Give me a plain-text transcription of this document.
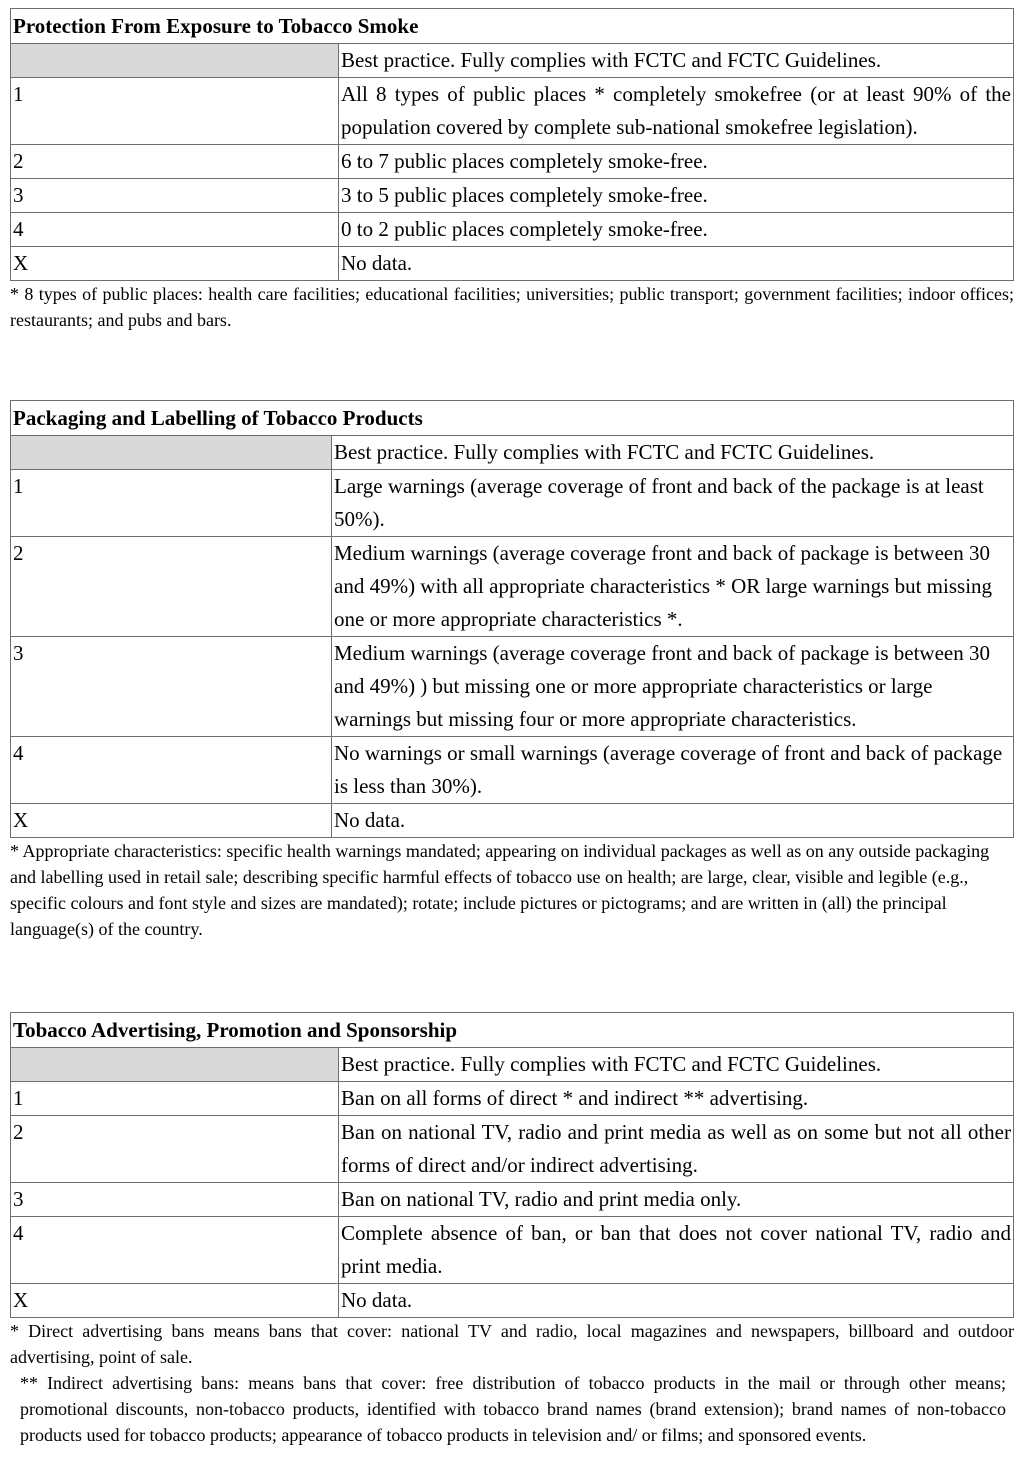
Protection From Exposure to Tobacco Smoke	
	Best practice. Fully complies with FCTC and FCTC Guidelines.
1	All 8 types of public places * completely smokefree (or at least 90% of the population covered by complete sub-national smokefree legislation).
2	6 to 7 public places completely smoke-free.
3	3 to 5 public places completely smoke-free.
4	0 to 2 public places completely smoke-free.
X	No data.

* 8 types of public places: health care facilities; educational facilities; universities; public transport; government facilities; indoor offices; restaurants; and pubs and bars.

Packaging and Labelling of Tobacco Products	
	Best practice. Fully complies with FCTC and FCTC Guidelines.
1	Large warnings (average coverage of front and back of the package is at least 50%).
2	Medium warnings (average coverage front and back of package is between 30 and 49%) with all appropriate characteristics * OR large warnings but missing one or more appropriate characteristics *.
3	Medium warnings (average coverage front and back of package is between 30 and 49%) ) but missing one or more appropriate characteristics or large warnings but missing four or more appropriate characteristics.
4	No warnings or small warnings (average coverage of front and back of package is less than 30%).
X	No data.

* Appropriate characteristics: specific health warnings mandated; appearing on individual packages as well as on any outside packaging and labelling used in retail sale; describing specific harmful effects of tobacco use on health; are large, clear, visible and legible (e.g., specific colours and font style and sizes are mandated); rotate; include pictures or pictograms; and are written in (all) the principal language(s) of the country.

Tobacco Advertising, Promotion and Sponsorship	
	Best practice. Fully complies with FCTC and FCTC Guidelines.
1	Ban on all forms of direct * and indirect ** advertising.
2	Ban on national TV, radio and print media as well as on some but not all other forms of direct and/or indirect advertising.
3	Ban on national TV, radio and print media only.
4	Complete absence of ban, or ban that does not cover national TV, radio and print media.
X	No data.

* Direct advertising bans means bans that cover: national TV and radio, local magazines and newspapers, billboard and outdoor advertising, point of sale.

** Indirect advertising bans: means bans that cover: free distribution of tobacco products in the mail or through other means; promotional discounts, non-tobacco products, identified with tobacco brand names (brand extension); brand names of non-tobacco products used for tobacco products; appearance of tobacco products in television and/ or films; and sponsored events.
